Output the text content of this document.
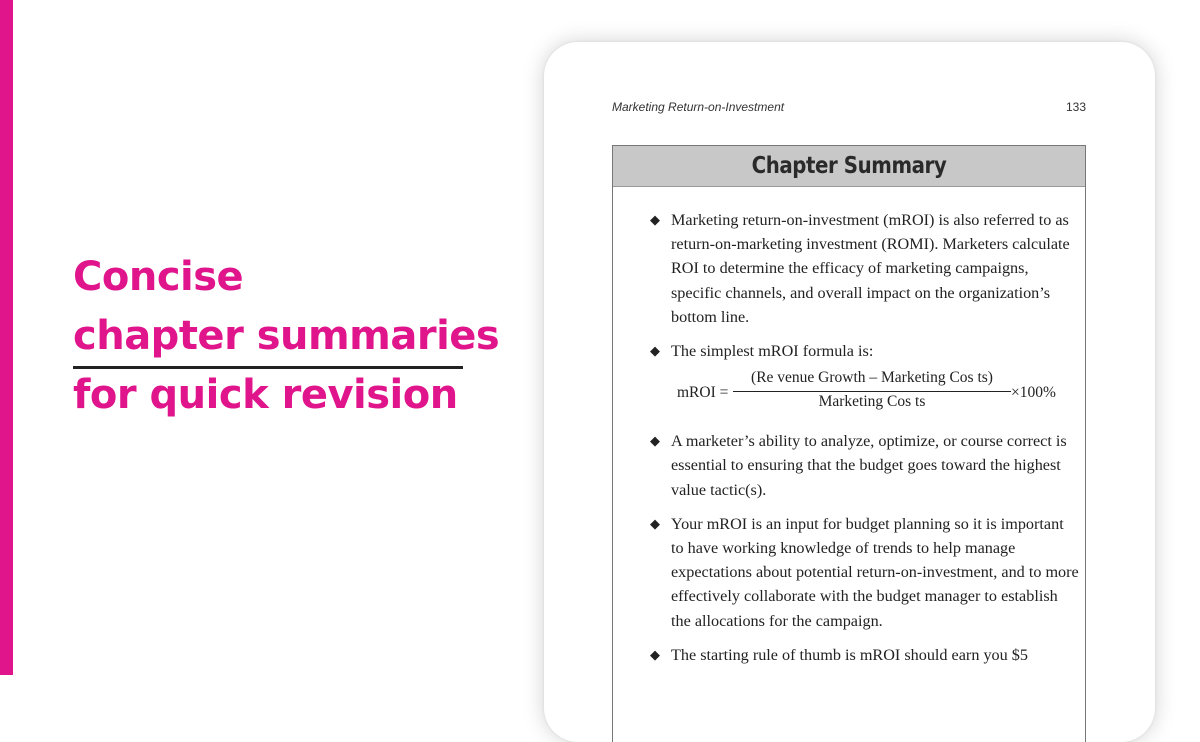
Concise
chapter summaries
for quick revision
Marketing Return-on-Investment	133
Chapter Summary
◆ Marketing return-on-investment (mROI) is also referred to as return-on-marketing investment (ROMI). Marketers calculate ROI to determine the efficacy of marketing campaigns, specific channels, and overall impact on the organization’s bottom line.
◆ The simplest mROI formula is:
mROI =
(Re venue Growth – Marketing Cos ts)
Marketing Cos ts
×100%
◆ A marketer’s ability to analyze, optimize, or course correct is essential to ensuring that the budget goes toward the highest value tactic(s).
◆ Your mROI is an input for budget planning so it is important to have working knowledge of trends to help manage expectations about potential return-on-investment, and to more effectively collaborate with the budget manager to establish the allocations for the campaign.
◆ The starting rule of thumb is mROI should earn you $5
